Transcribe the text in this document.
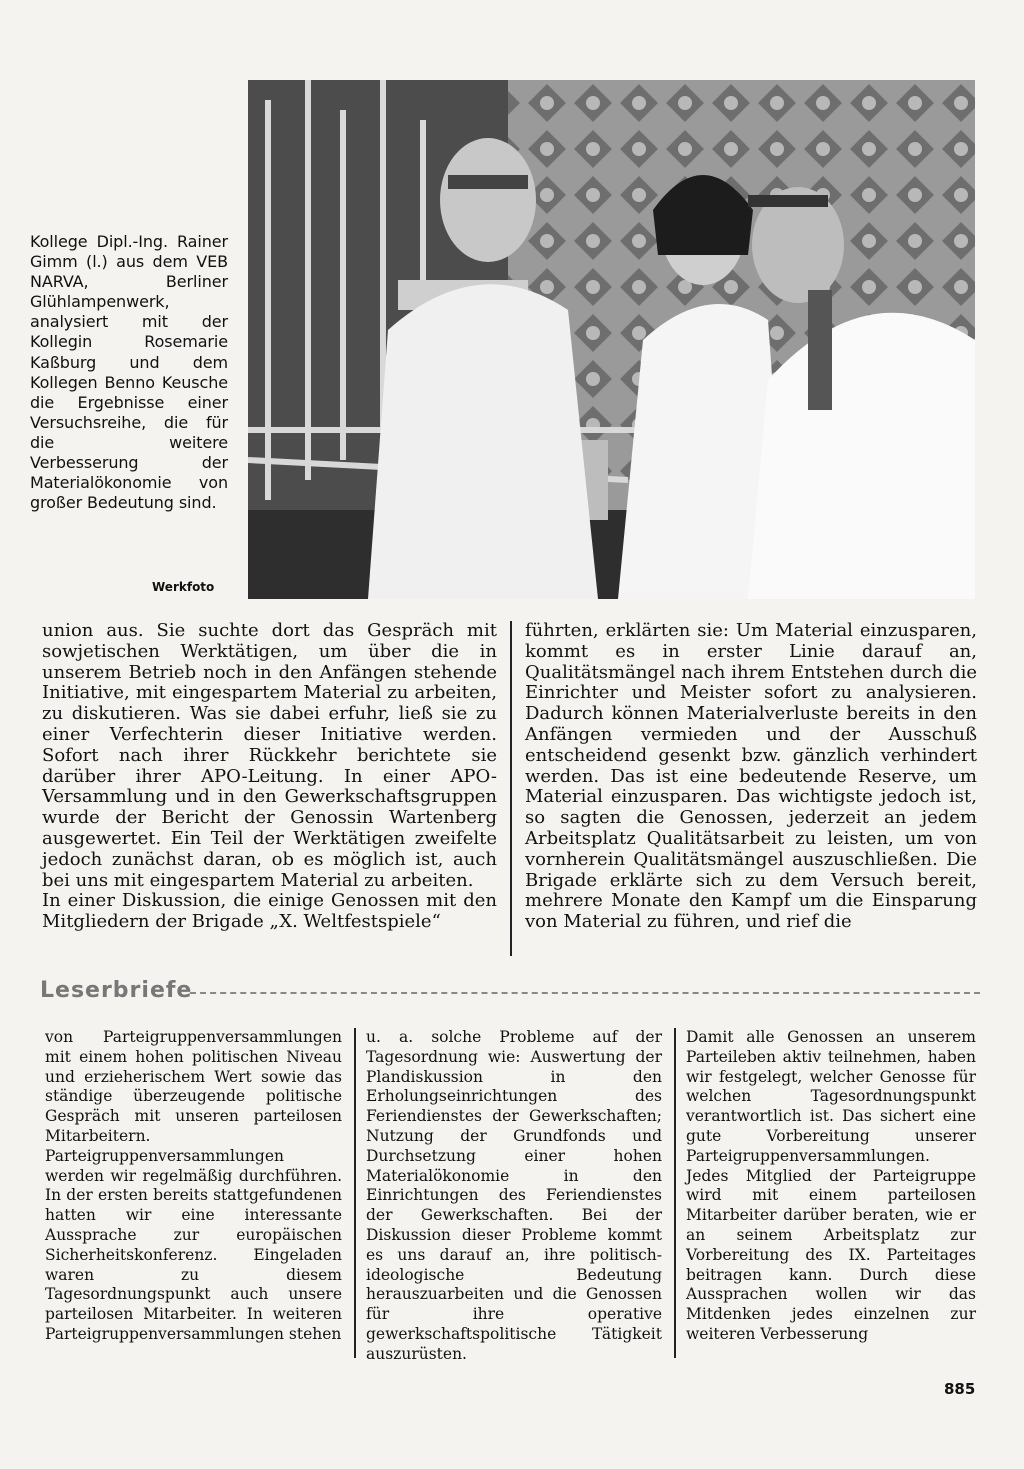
Kollege Dipl.-Ing. Rainer Gimm (l.) aus dem VEB NARVA, Berliner Glühlampenwerk, analysiert mit der Kollegin Rosemarie Kaßburg und dem Kollegen Benno Keusche die Ergebnisse einer Versuchsreihe, die für die weitere Verbesserung der Materialökonomie von großer Bedeutung sind.
Werkfoto

union aus. Sie suchte dort das Gespräch mit sowjetischen Werktätigen, um über die in unserem Betrieb noch in den Anfängen stehende Initiative, mit eingespartem Material zu arbeiten, zu diskutieren. Was sie dabei erfuhr, ließ sie zu einer Verfechterin dieser Initiative werden. Sofort nach ihrer Rückkehr berichtete sie darüber ihrer APO-Leitung. In einer APO-Versammlung und in den Gewerkschaftsgruppen wurde der Bericht der Genossin Wartenberg ausgewertet. Ein Teil der Werktätigen zweifelte jedoch zunächst daran, ob es möglich ist, auch bei uns mit eingespartem Material zu arbeiten.

In einer Diskussion, die einige Genossen mit den Mitgliedern der Brigade „X. Weltfestspiele“

führten, erklärten sie: Um Material einzusparen, kommt es in erster Linie darauf an, Qualitätsmängel nach ihrem Entstehen durch die Einrichter und Meister sofort zu analysieren. Dadurch können Materialverluste bereits in den Anfängen vermieden und der Ausschuß entscheidend gesenkt bzw. gänzlich verhindert werden. Das ist eine bedeutende Reserve, um Material einzusparen. Das wichtigste jedoch ist, so sagten die Genossen, jederzeit an jedem Arbeitsplatz Qualitätsarbeit zu leisten, um von vornherein Qualitätsmängel auszuschließen. Die Brigade erklärte sich zu dem Versuch bereit, mehrere Monate den Kampf um die Einsparung von Material zu führen, und rief die

Leserbriefe

von Parteigruppenversammlungen mit einem hohen politischen Niveau und erzieherischem Wert sowie das ständige überzeugende politische Gespräch mit unseren parteilosen Mitarbeitern. Parteigruppenversammlungen werden wir regelmäßig durchführen. In der ersten bereits stattgefundenen hatten wir eine interessante Aussprache zur europäischen Sicherheitskonferenz. Eingeladen waren zu diesem Tagesordnungspunkt auch unsere parteilosen Mitarbeiter. In weiteren Parteigruppenversammlungen stehen

u. a. solche Probleme auf der Tagesordnung wie: Auswertung der Plandiskussion in den Erholungseinrichtungen des Feriendienstes der Gewerkschaften; Nutzung der Grundfonds und Durchsetzung einer hohen Materialökonomie in den Einrichtungen des Feriendienstes der Gewerkschaften. Bei der Diskussion dieser Probleme kommt es uns darauf an, ihre politisch-ideologische Bedeutung herauszuarbeiten und die Genossen für ihre operative gewerkschaftspolitische Tätigkeit auszurüsten.

Damit alle Genossen an unserem Parteileben aktiv teilnehmen, haben wir festgelegt, welcher Genosse für welchen Tagesordnungspunkt verantwortlich ist. Das sichert eine gute Vorbereitung unserer Parteigruppenversammlungen. Jedes Mitglied der Parteigruppe wird mit einem parteilosen Mitarbeiter darüber beraten, wie er an seinem Arbeitsplatz zur Vorbereitung des IX. Parteitages beitragen kann. Durch diese Aussprachen wollen wir das Mitdenken jedes einzelnen zur weiteren Verbesserung

885
